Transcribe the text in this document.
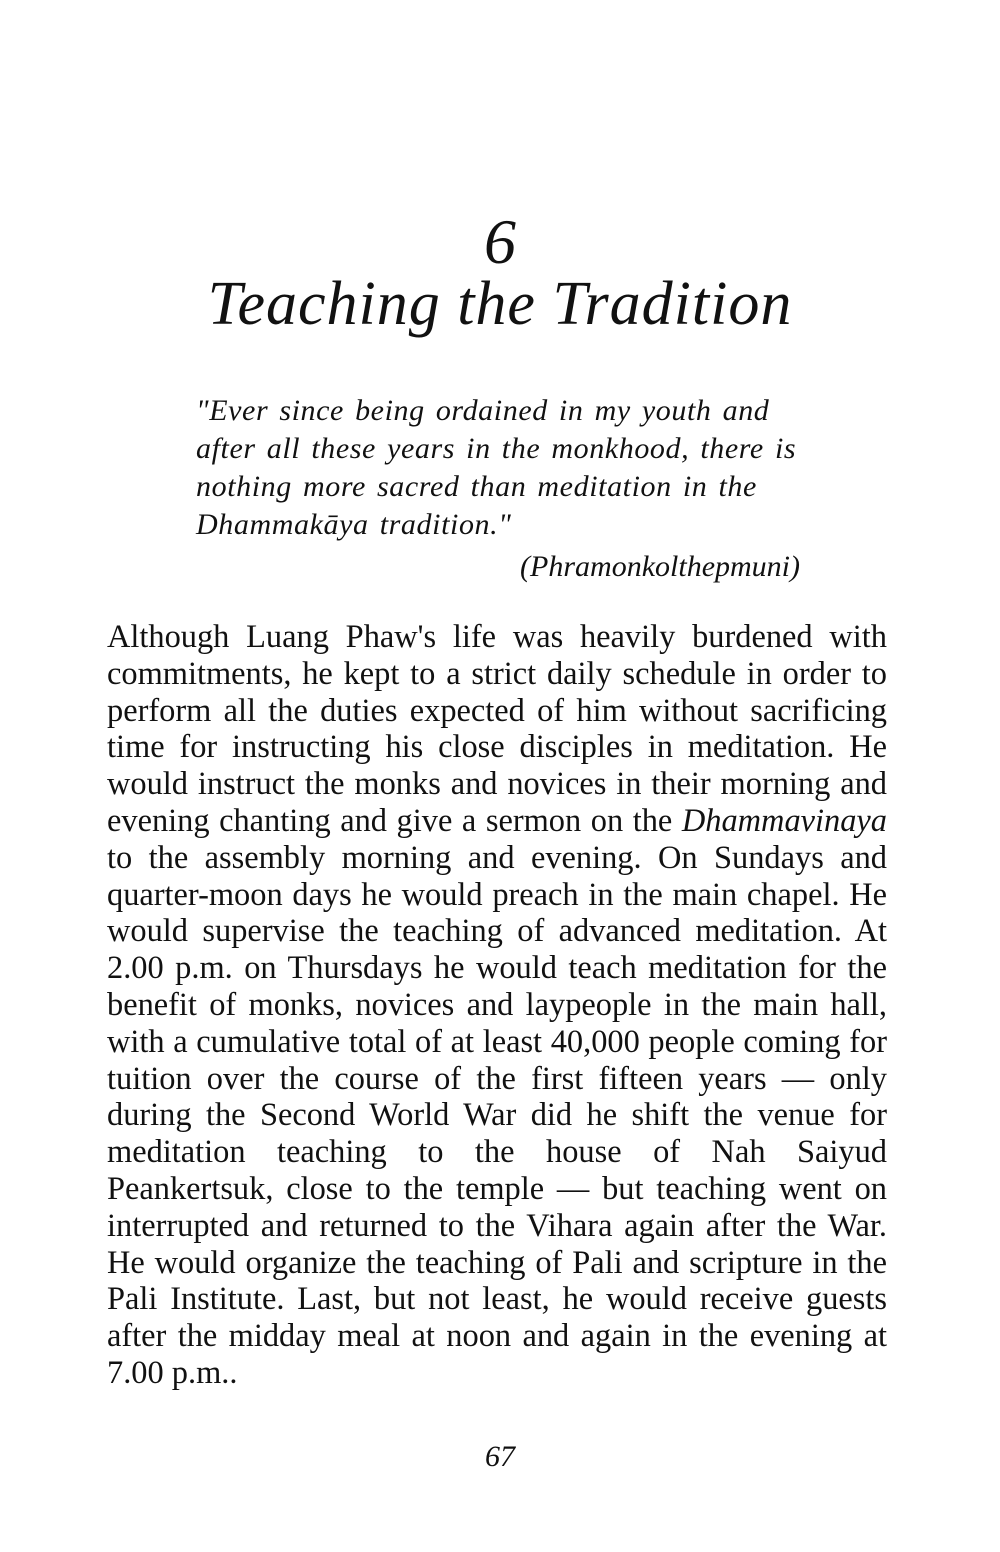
6
Teaching the Tradition

"Ever since being ordained in my youth and after all these years in the monkhood, there is nothing more sacred than meditation in the Dhammakāya tradition."

(Phramonkolthepmuni)

Although Luang Phaw's life was heavily burdened with commitments, he kept to a strict daily schedule in order to perform all the duties expected of him without sacrificing time for instructing his close disciples in meditation. He would instruct the monks and novices in their morning and evening chanting and give a sermon on the Dhammavinaya to the assembly morning and evening. On Sundays and quarter-moon days he would preach in the main chapel. He would supervise the teaching of advanced meditation. At 2.00 p.m. on Thursdays he would teach meditation for the benefit of monks, novices and laypeople in the main hall, with a cumulative total of at least 40,000 people coming for tuition over the course of the first fifteen years — only during the Second World War did he shift the venue for meditation teaching to the house of Nah Saiyud Peankertsuk, close to the temple — but teaching went on interrupted and returned to the Vihara again after the War. He would organize the teaching of Pali and scripture in the Pali Institute. Last, but not least, he would receive guests after the midday meal at noon and again in the evening at 7.00 p.m..

67
